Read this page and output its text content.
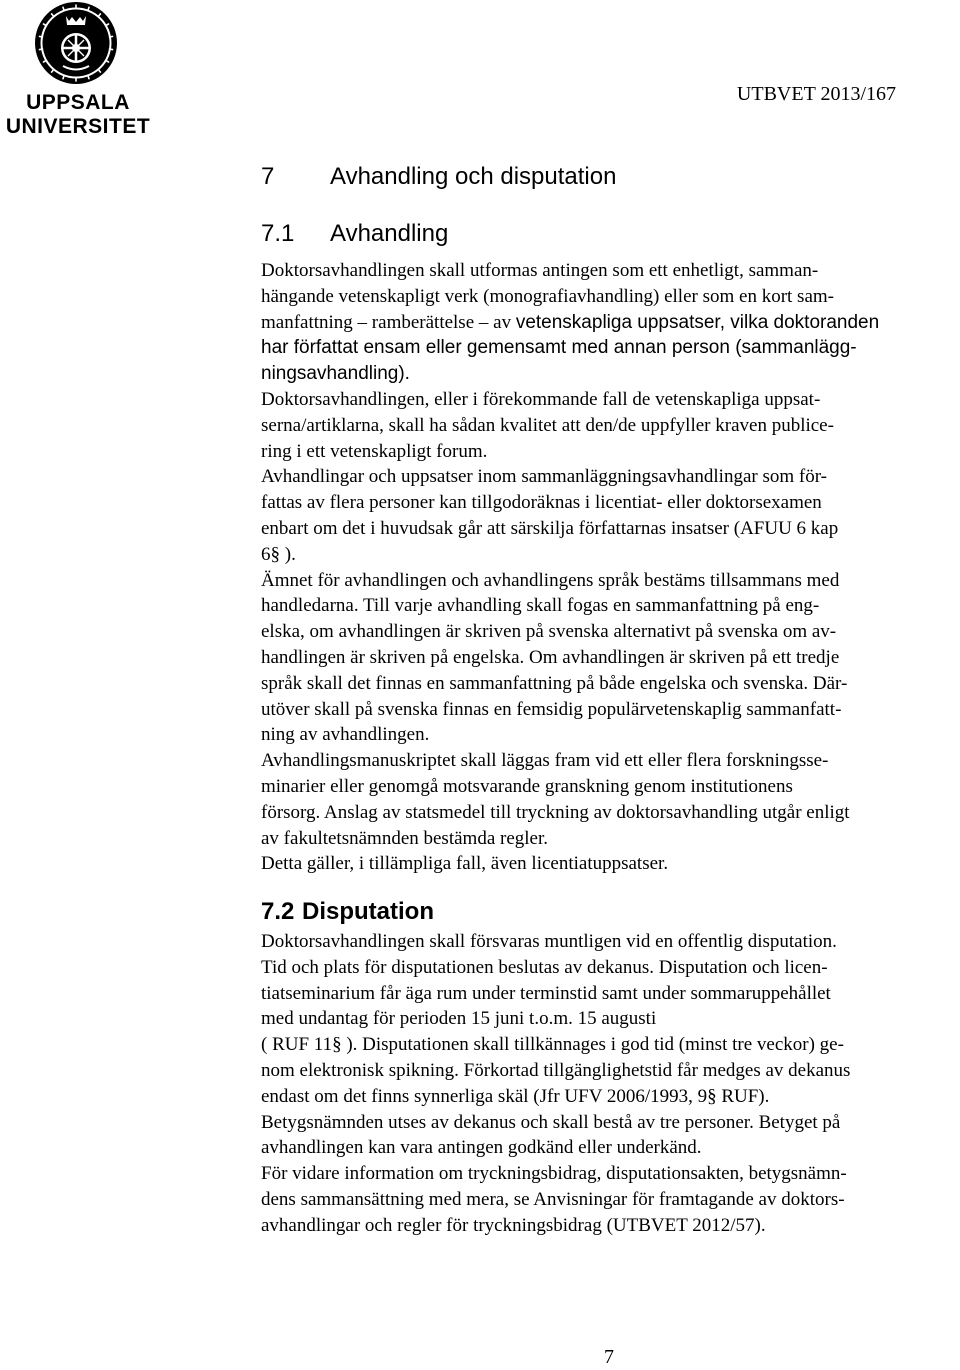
UPPSALA
UNIVERSITET
UTBVET 2013/167
7 Avhandling och disputation
7.1 Avhandling

Doktorsavhandlingen skall utformas antingen som ett enhetligt, samman-

hängande vetenskapligt verk (monografiavhandling) eller som en kort sam-

manfattning – ramberättelse – av vetenskapliga uppsatser, vilka doktoranden

har författat ensam eller gemensamt med annan person (sammanlägg-

ningsavhandling).

Doktorsavhandlingen, eller i förekommande fall de vetenskapliga uppsat-

serna/artiklarna, skall ha sådan kvalitet att den/de uppfyller kraven publice-

ring i ett vetenskapligt forum.

Avhandlingar och uppsatser inom sammanläggningsavhandlingar som för-

fattas av flera personer kan tillgodoräknas i licentiat- eller doktorsexamen

enbart om det i huvudsak går att särskilja författarnas insatser (AFUU 6 kap

6§ ).

Ämnet för avhandlingen och avhandlingens språk bestäms tillsammans med

handledarna. Till varje avhandling skall fogas en sammanfattning på eng-

elska, om avhandlingen är skriven på svenska alternativt på svenska om av-

handlingen är skriven på engelska. Om avhandlingen är skriven på ett tredje

språk skall det finnas en sammanfattning på både engelska och svenska. Där-

utöver skall på svenska finnas en femsidig populärvetenskaplig sammanfatt-

ning av avhandlingen.

Avhandlingsmanuskriptet skall läggas fram vid ett eller flera forskningsse-

minarier eller genomgå motsvarande granskning genom institutionens

försorg. Anslag av statsmedel till tryckning av doktorsavhandling utgår enligt

av fakultetsnämnden bestämda regler.

Detta gäller, i tillämpliga fall, även licentiatuppsatser.

7.2 Disputation

Doktorsavhandlingen skall försvaras muntligen vid en offentlig disputation.

Tid och plats för disputationen beslutas av dekanus. Disputation och licen-

tiatseminarium får äga rum under terminstid samt under sommaruppehållet

med undantag för perioden 15 juni t.o.m. 15 augusti

( RUF 11§ ). Disputationen skall tillkännages i god tid (minst tre veckor) ge-

nom elektronisk spikning. Förkortad tillgänglighetstid får medges av dekanus

endast om det finns synnerliga skäl (Jfr UFV 2006/1993, 9§ RUF).

Betygsnämnden utses av dekanus och skall bestå av tre personer. Betyget på

avhandlingen kan vara antingen godkänd eller underkänd.

För vidare information om tryckningsbidrag, disputationsakten, betygsnämn-

dens sammansättning med mera, se Anvisningar för framtagande av doktors-

avhandlingar och regler för tryckningsbidrag (UTBVET 2012/57).

7
